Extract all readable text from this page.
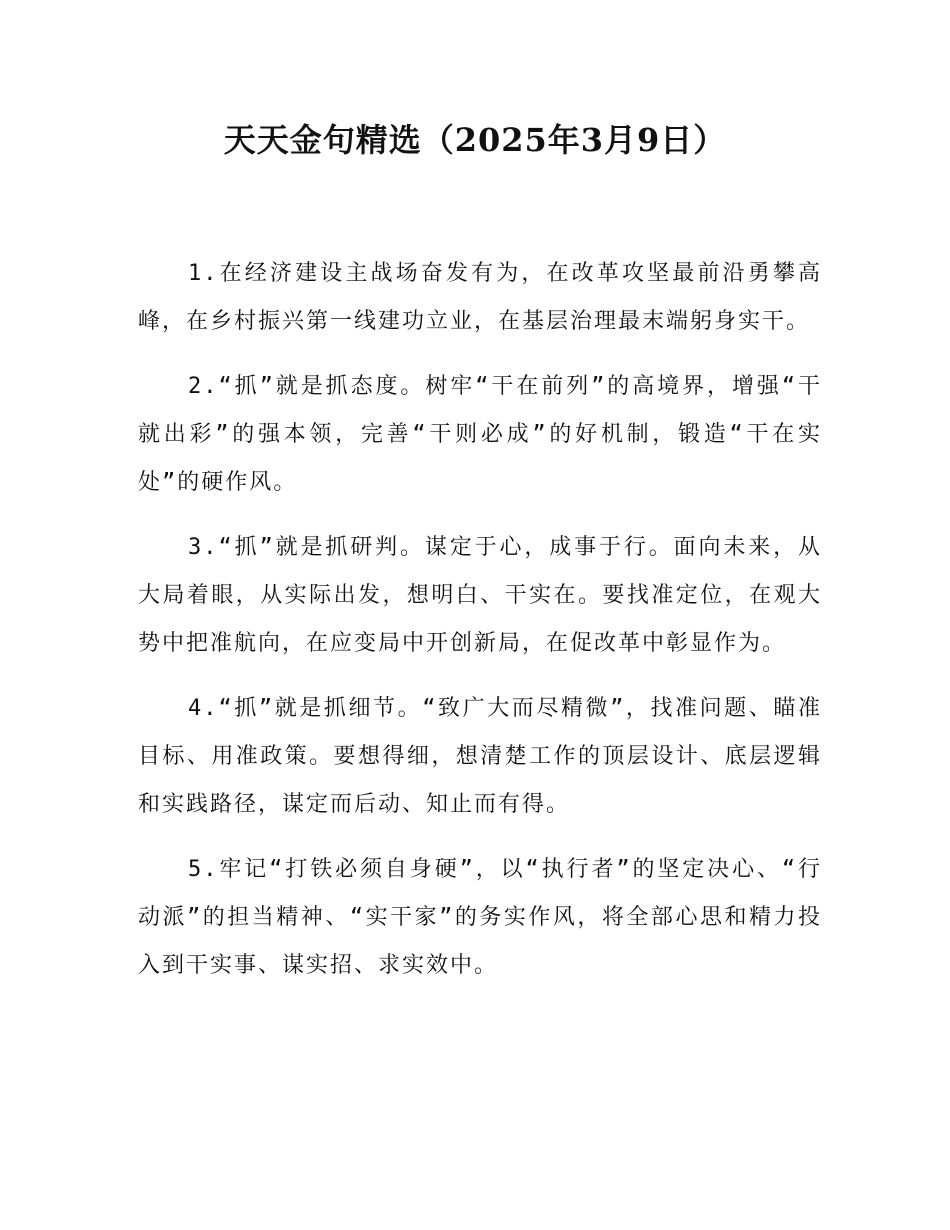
天天金句精选（2025年3月9日）

1.在经济建设主战场奋发有为，在改革攻坚最前沿勇攀高峰，在乡村振兴第一线建功立业，在基层治理最末端躬身实干。

2.“抓”就是抓态度。树牢“干在前列”的高境界，增强“干就出彩”的强本领，完善“干则必成”的好机制，锻造“干在实处”的硬作风。

3.“抓”就是抓研判。谋定于心，成事于行。面向未来，从大局着眼，从实际出发，想明白、干实在。要找准定位，在观大势中把准航向，在应变局中开创新局，在促改革中彰显作为。

4.“抓”就是抓细节。“致广大而尽精微”，找准问题、瞄准目标、用准政策。要想得细，想清楚工作的顶层设计、底层逻辑和实践路径，谋定而后动、知止而有得。

5.牢记“打铁必须自身硬”，以“执行者”的坚定决心、“行动派”的担当精神、“实干家”的务实作风，将全部心思和精力投入到干实事、谋实招、求实效中。
